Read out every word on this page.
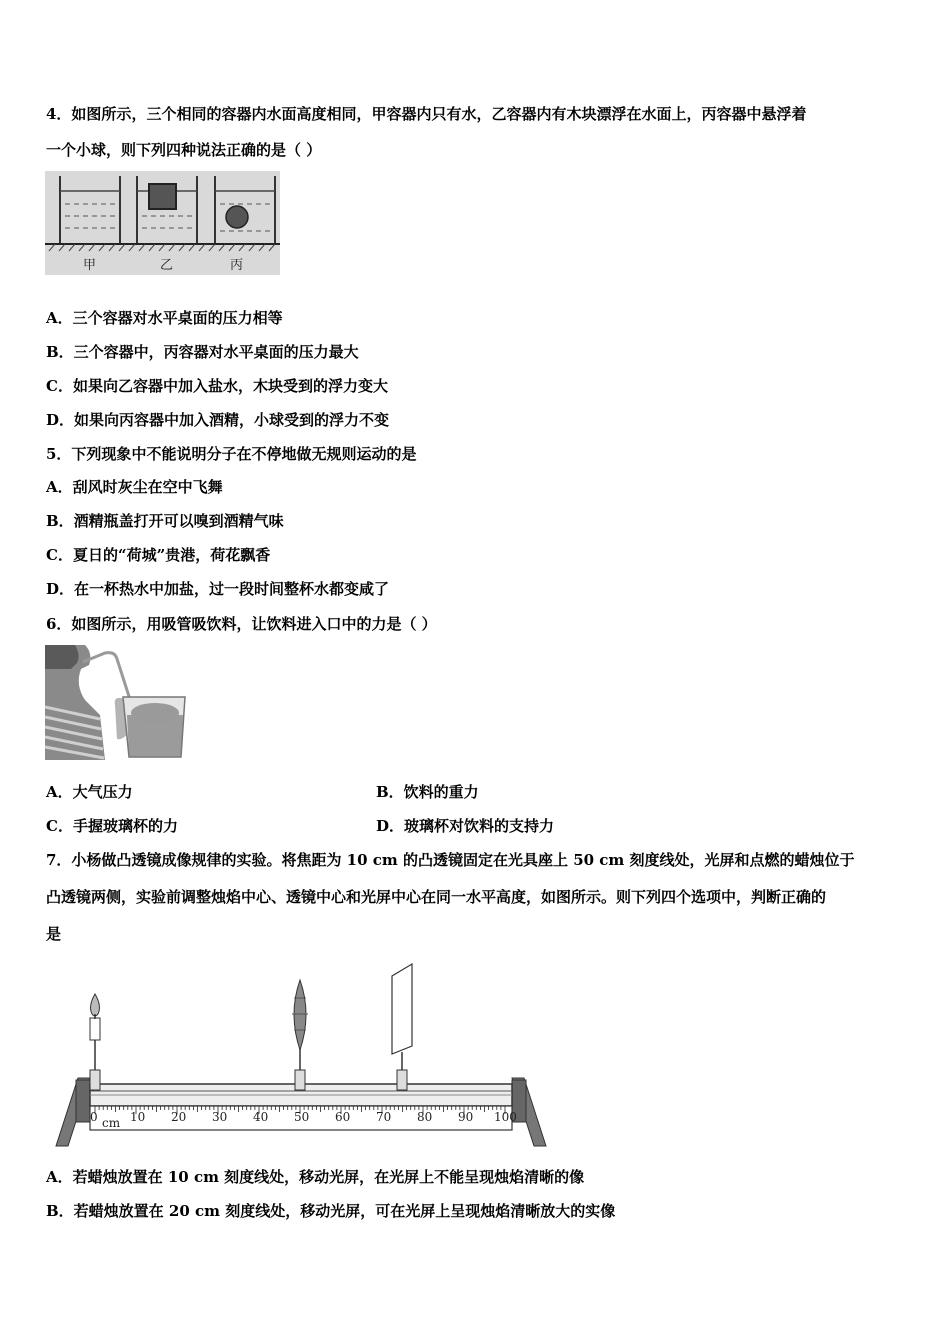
4．如图所示，三个相同的容器内水面高度相同，甲容器内只有水，乙容器内有木块漂浮在水面上，丙容器中悬浮着
一个小球，则下列四种说法正确的是（ ）
甲	乙	丙
A．三个容器对水平桌面的压力相等
B．三个容器中，丙容器对水平桌面的压力最大
C．如果向乙容器中加入盐水，木块受到的浮力变大
D．如果向丙容器中加入酒精，小球受到的浮力不变
5．下列现象中不能说明分子在不停地做无规则运动的是
A．刮风时灰尘在空中飞舞
B．酒精瓶盖打开可以嗅到酒精气味
C．夏日的“荷城”贵港，荷花飘香
D．在一杯热水中加盐，过一段时间整杯水都变咸了
6．如图所示，用吸管吸饮料，让饮料进入口中的力是（ ）
A．大气压力	B．饮料的重力
C．手握玻璃杯的力	D．玻璃杯对饮料的支持力
7．小杨做凸透镜成像规律的实验。将焦距为 10 cm 的凸透镜固定在光具座上 50 cm 刻度线处，光屏和点燃的蜡烛位于
凸透镜两侧，实验前调整烛焰中心、透镜中心和光屏中心在同一水平高度，如图所示。则下列四个选项中，判断正确的
是
0	10 20 30 40 50 60 70 80 90 100
cm
A．若蜡烛放置在 10 cm 刻度线处，移动光屏，在光屏上不能呈现烛焰清晰的像
B．若蜡烛放置在 20 cm 刻度线处，移动光屏，可在光屏上呈现烛焰清晰放大的实像
